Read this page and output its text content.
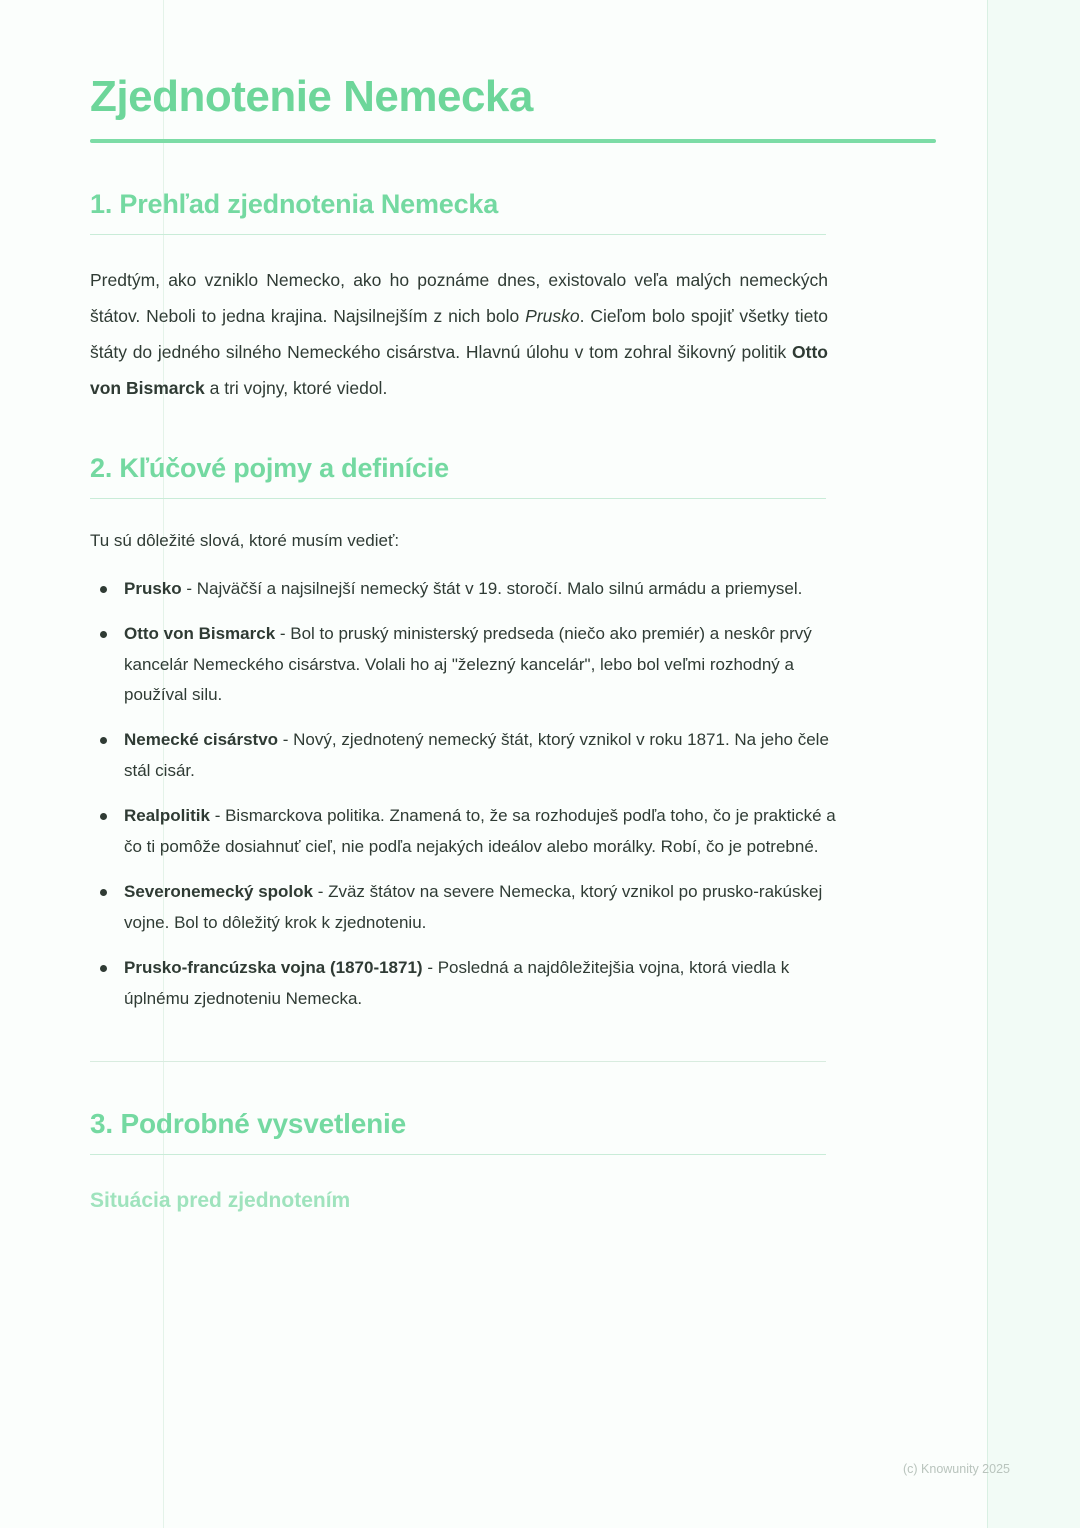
Zjednotenie Nemecka
1. Prehľad zjednotenia Nemecka

Predtým, ako vzniklo Nemecko, ako ho poznáme dnes, existovalo veľa malých nemeckých štátov. Neboli to jedna krajina. Najsilnejším z nich bolo Prusko. Cieľom bolo spojiť všetky tieto štáty do jedného silného Nemeckého cisárstva. Hlavnú úlohu v tom zohral šikovný politik Otto von Bismarck a tri vojny, ktoré viedol.

2. Kľúčové pojmy a definície

Tu sú dôležité slová, ktoré musím vedieť:

Prusko - Najväčší a najsilnejší nemecký štát v 19. storočí. Malo silnú armádu a priemysel.
Otto von Bismarck - Bol to pruský ministerský predseda (niečo ako premiér) a neskôr prvý kancelár Nemeckého cisárstva. Volali ho aj "železný kancelár", lebo bol veľmi rozhodný a používal silu.
Nemecké cisárstvo - Nový, zjednotený nemecký štát, ktorý vznikol v roku 1871. Na jeho čele stál cisár.
Realpolitik - Bismarckova politika. Znamená to, že sa rozhoduješ podľa toho, čo je praktické a čo ti pomôže dosiahnuť cieľ, nie podľa nejakých ideálov alebo morálky. Robí, čo je potrebné.
Severonemecký spolok - Zväz štátov na severe Nemecka, ktorý vznikol po prusko-rakúskej vojne. Bol to dôležitý krok k zjednoteniu.
Prusko-francúzska vojna (1870-1871) - Posledná a najdôležitejšia vojna, ktorá viedla k úplnému zjednoteniu Nemecka.
3. Podrobné vysvetlenie
Situácia pred zjednotením
(c) Knowunity 2025
